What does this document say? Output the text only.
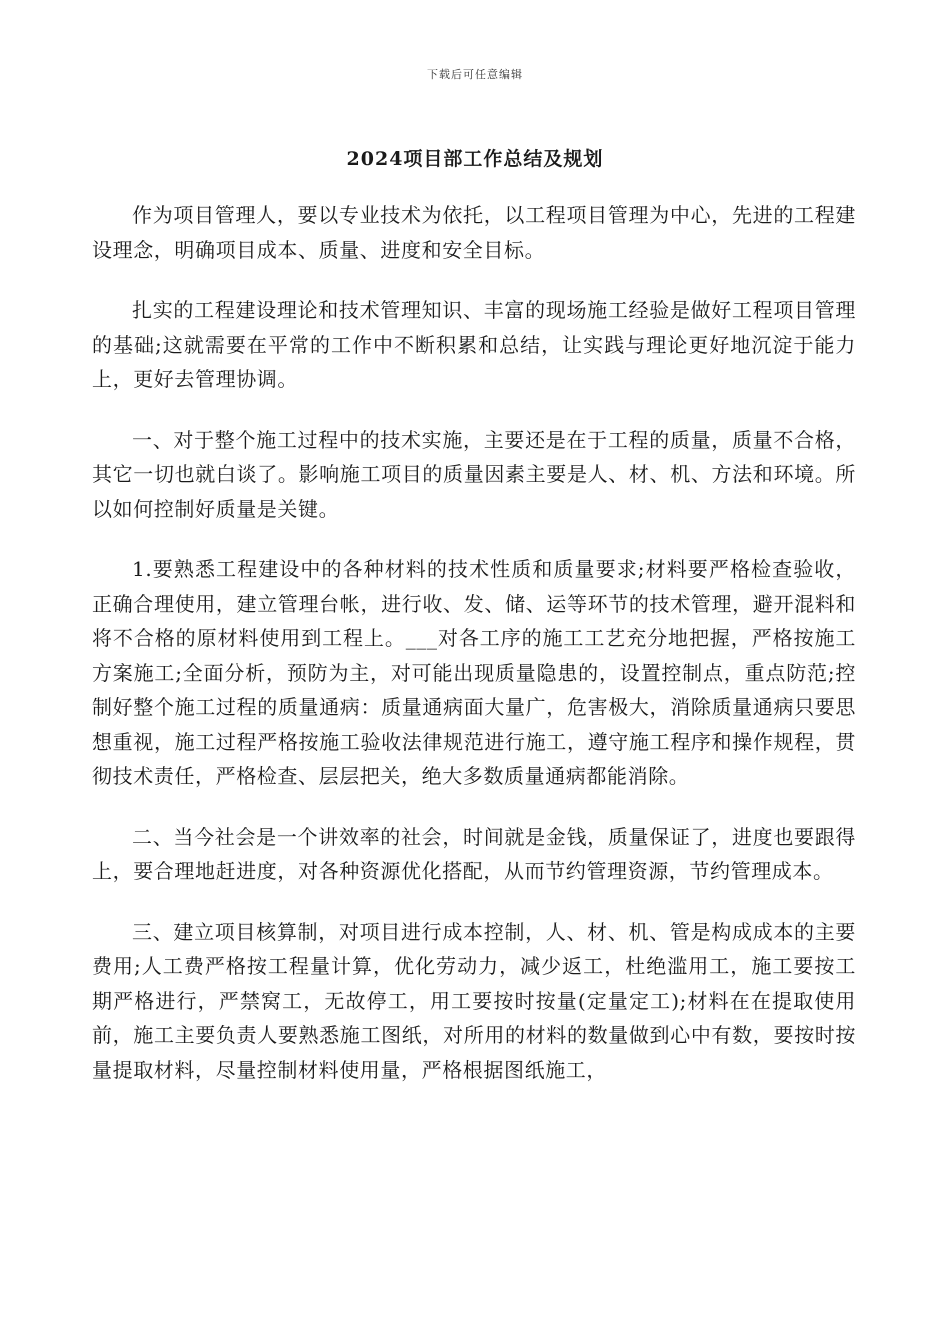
下载后可任意编辑
2024项目部工作总结及规划

作为项目管理人，要以专业技术为依托，以工程项目管理为中心，先进的工程建设理念，明确项目成本、质量、进度和安全目标。

扎实的工程建设理论和技术管理知识、丰富的现场施工经验是做好工程项目管理的基础;这就需要在平常的工作中不断积累和总结，让实践与理论更好地沉淀于能力上，更好去管理协调。

一、对于整个施工过程中的技术实施，主要还是在于工程的质量，质量不合格，其它一切也就白谈了。影响施工项目的质量因素主要是人、材、机、方法和环境。所以如何控制好质量是关键。

1.要熟悉工程建设中的各种材料的技术性质和质量要求;材料要严格检查验收，正确合理使用，建立管理台帐，进行收、发、储、运等环节的技术管理，避开混料和将不合格的原材料使用到工程上。___对各工序的施工工艺充分地把握，严格按施工方案施工;全面分析，预防为主，对可能出现质量隐患的，设置控制点，重点防范;控制好整个施工过程的质量通病：质量通病面大量广，危害极大，消除质量通病只要思想重视，施工过程严格按施工验收法律规范进行施工，遵守施工程序和操作规程，贯彻技术责任，严格检查、层层把关，绝大多数质量通病都能消除。

二、当今社会是一个讲效率的社会，时间就是金钱，质量保证了，进度也要跟得上，要合理地赶进度，对各种资源优化搭配，从而节约管理资源，节约管理成本。

三、建立项目核算制，对项目进行成本控制，人、材、机、管是构成成本的主要费用;人工费严格按工程量计算，优化劳动力，减少返工，杜绝滥用工，施工要按工期严格进行，严禁窝工，无故停工，用工要按时按量(定量定工);材料在在提取使用前，施工主要负责人要熟悉施工图纸，对所用的材料的数量做到心中有数，要按时按量提取材料，尽量控制材料使用量，严格根据图纸施工，
